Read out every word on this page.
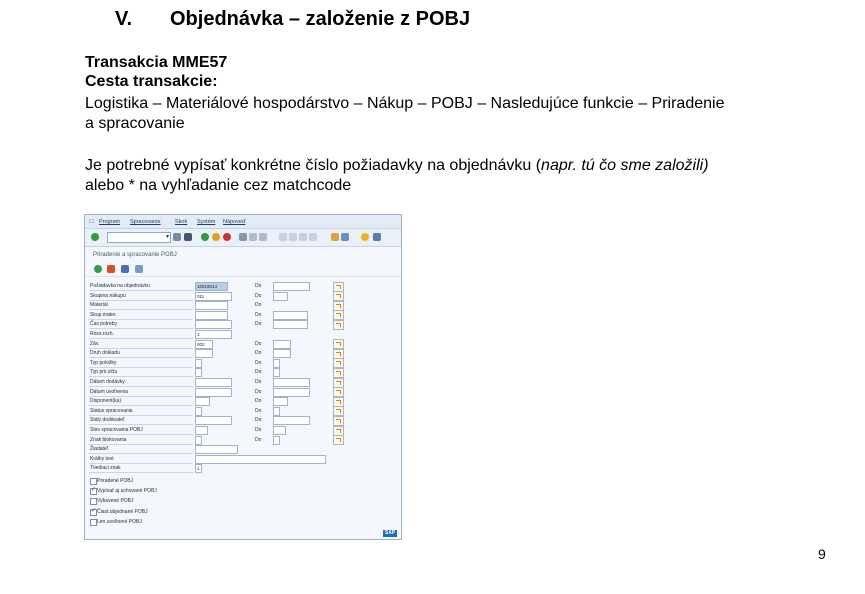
V. Objednávka – založenie z POBJ
Transakcia MME57
Cesta transakcie:
Logistika – Materiálové hospodárstvo – Nákup – POBJ – Nasledujúce funkcie – Priradenie
a spracovanie
Je potrebné vypísať konkrétne číslo požiadavky na objednávku (napr. tú čo sme založili)
alebo * na vyhľadanie cez matchcode
☐ Program Spracovanie	Skok Systém Nápoveď
▾
Priradenie a spracovanie POBJ
Požiadavka na objednávku	10019014	Do
Skupina nákupu	011	Do
Materiál	Do
Skup.mater.	Do
Čas potreby	Do
Rozs.rozh.	1
Záv.	002	Do
Druh dokladu	Do
Typ položky	Do
Typ prir.účtu	Do
Dátum dodávky	Do
Dátum uvoľnenia	Do
Disponent(ka)	Do
Status spracovania	Do
Stály dodávateľ	Do
Stav spracovania POBJ	Do
Znak blokovania	Do
Žiadateľ
Krátky text
Triediaci znak	1
Priradené POBJ
✓
Vypísať aj uchované POBJ
Vybavené POBJ
✓
Čiast.objednané POBJ
Len uvoľnené POBJ
SAP
9
